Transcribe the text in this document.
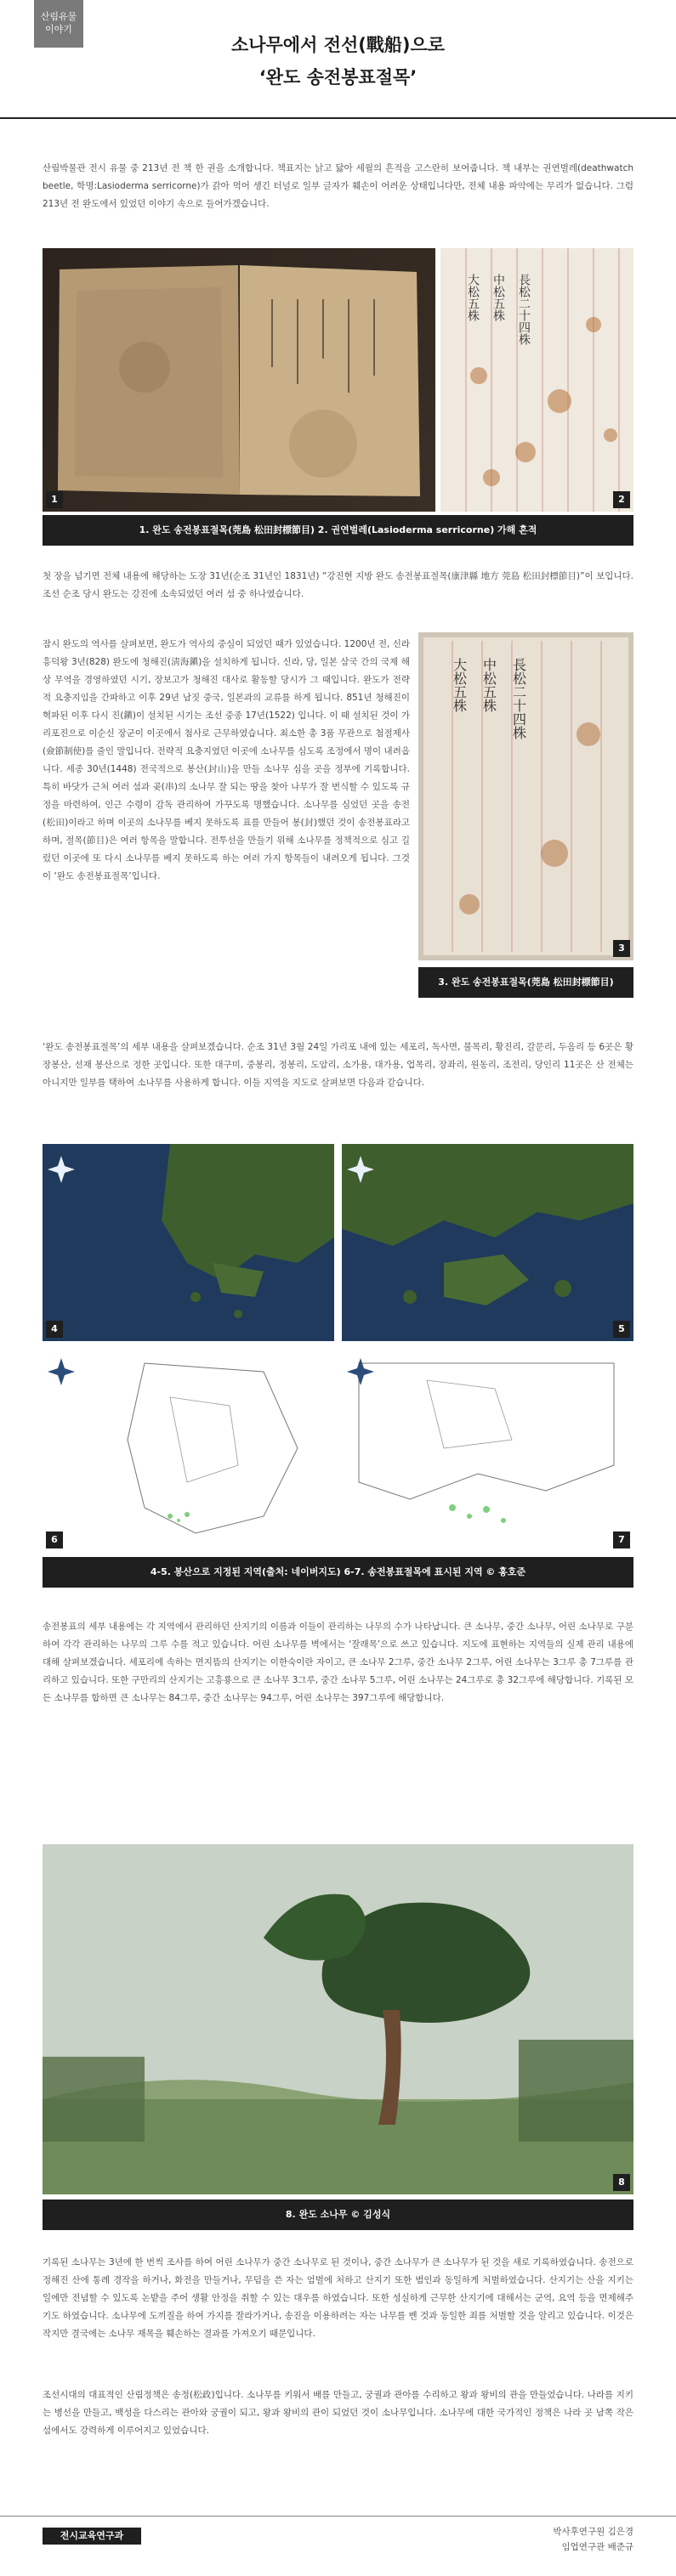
산림유물
이야기
소나무에서 전선(戰船)으로
‘완도 송전봉표절목’

산림박물관 전시 유물 중 213년 전 책 한 권을 소개합니다. 책표지는 낡고 닳아 세월의 흔적을 고스란히 보여줍니다. 책 내부는 권연벌레(deathwatch beetle, 학명:Lasioderma serricorne)가 갉아 먹어 생긴 터널로 일부 글자가 훼손이 어려운 상태입니다만, 전체 내용 파악에는 무리가 없습니다. 그럼 213년 전 완도에서 있었던 이야기 속으로 들어가겠습니다.

1
大松五株 中松五株 長松二十四株
2
1. 완도 송전봉표절목(莞島 松田封標節目) 2. 권연벌레(Lasioderma serricorne) 가해 흔적

첫 장을 넘기면 전체 내용에 해당하는 도장 31년(순조 31년인 1831년) “강진현 지방 완도 송전봉표절목(康津縣 地方 莞島 松田封標節目)”이 보입니다. 조선 순조 당시 완도는 강진에 소속되었던 여러 섬 중 하나였습니다.

잠시 완도의 역사를 살펴보면, 완도가 역사의 중심이 되었던 때가 있었습니다. 1200년 전, 신라 흥덕왕 3년(828) 완도에 청해진(淸海鎭)을 설치하게 됩니다. 신라, 당, 일본 삼국 간의 국제 해상 무역을 경영하였던 시기, 장보고가 청해진 대사로 활동할 당시가 그 때입니다. 완도가 전략적 요충지임을 간파하고 이후 29년 남짓 중국, 일본과의 교류를 하게 됩니다. 851년 청해진이 혁파된 이후 다시 진(鎭)이 설치된 시기는 조선 중종 17년(1522) 입니다. 이 때 설치된 것이 가리포진으로 이순신 장군이 이곳에서 첨사로 근무하였습니다. 최소한 총 3품 무관으로 첨절제사(僉節制使)를 줄인 말입니다. 전략적 요충지였던 이곳에 소나무를 심도록 조정에서 명이 내려옵니다. 세종 30년(1448) 전국적으로 봉산(封山)을 만들 소나무 심을 곳을 정부에 기록합니다. 특히 바닷가 근처 여러 섬과 곶(串)의 소나무 잘 되는 땅을 찾아 나무가 잘 번식할 수 있도록 규정을 마련하여, 인근 수령이 감독 관리하여 가꾸도록 명했습니다. 소나무를 심었던 곳을 송전(松田)이라고 하며 이곳의 소나무를 베지 못하도록 표를 만들어 봉(封)했던 것이 송전봉표라고 하며, 절목(節目)은 여러 항목을 말합니다. 전투선을 만들기 위해 소나무를 정책적으로 심고 길렀던 이곳에 또 다시 소나무를 베지 못하도록 하는 여러 가지 항목들이 내려오게 됩니다. 그것이 ‘완도 송전봉표절목’입니다.

大松五株 中松五株 長松二十四株
3
3. 완도 송전봉표절목(莞島 松田封標節目)

‘완도 송전봉표절목’의 세부 내용을 살펴보겠습니다. 순조 31년 3월 24일 가리포 내에 있는 세포리, 독사면, 불목리, 황진리, 갈문리, 두음리 등 6곳은 황장봉산, 선재 봉산으로 정한 곳입니다. 또한 대구미, 중봉리, 정봉리, 도암리, 소가용, 대가용, 업목리, 장좌리, 원동리, 조전리, 당인리 11곳은 산 전체는 아니지만 일부를 택하여 소나무를 사용하게 합니다. 이들 지역을 지도로 살펴보면 다음과 같습니다.

4	5
6	7
4-5. 봉산으로 지정된 지역(출처: 네이버지도) 6-7. 송전봉표절목에 표시된 지역 © 홍호준

송전봉표의 세부 내용에는 각 지역에서 관리하던 산지기의 이름과 이들이 관리하는 나무의 수가 나타납니다. 큰 소나무, 중간 소나무, 어린 소나무로 구분하여 각각 관리하는 나무의 그루 수를 적고 있습니다. 어린 소나무를 벽에서는 ‘잘래목’으로 쓰고 있습니다. 지도에 표현하는 지역들의 실제 관리 내용에 대해 살펴보겠습니다. 세포리에 속하는 면지뜸의 산지기는 이한숙이란 자이고, 큰 소나무 2그루, 중간 소나무 2그루, 어린 소나무는 3그루 총 7그루를 관리하고 있습니다. 또한 구만리의 산지기는 고흥룡으로 큰 소나무 3그루, 중간 소나무 5그루, 어린 소나무는 24그루로 총 32그루에 해당합니다. 기록된 모든 소나무를 합하면 큰 소나무는 84그루, 중간 소나무는 94그루, 어린 소나무는 397그루에 해당합니다.

8
8. 완도 소나무 © 김성식

기록된 소나무는 3년에 한 번씩 조사를 하여 어린 소나무가 중간 소나무로 된 것이나, 중간 소나무가 큰 소나무가 된 것을 새로 기록하였습니다. 송전으로 정해진 산에 통례 경작을 하거나, 화전을 만들거나, 무덤을 쓴 자는 엄벌에 처하고 산지기 또한 범인과 동일하게 처벌하였습니다. 산지기는 산을 지키는 일에만 전념할 수 있도록 논밭을 주어 생활 안정을 취할 수 있는 대우를 하였습니다. 또한 성실하게 근무한 산지기에 대해서는 군역, 요역 등을 면제해주기도 하였습니다. 소나무에 도끼질을 하여 가지를 잘라가거나, 송진을 이용하려는 자는 나무를 벤 것과 동일한 죄를 처벌할 것을 알리고 있습니다. 이것은 작지만 결국에는 소나무 재목을 훼손하는 결과를 가져오기 때문입니다.

조선시대의 대표적인 산림정책은 송정(松政)입니다. 소나무를 키워서 배를 만들고, 궁궐과 관아를 수리하고 왕과 왕비의 관을 만들었습니다. 나라를 지키는 병선을 만들고, 백성을 다스리는 관아와 궁궐이 되고, 왕과 왕비의 관이 되었던 것이 소나무입니다. 소나무에 대한 국가적인 정책은 나라 곳 남쪽 작은 섬에서도 강력하게 이루어지고 있었습니다.

전시교육연구과	박사후연구원 김은경
임업연구관 배준규
